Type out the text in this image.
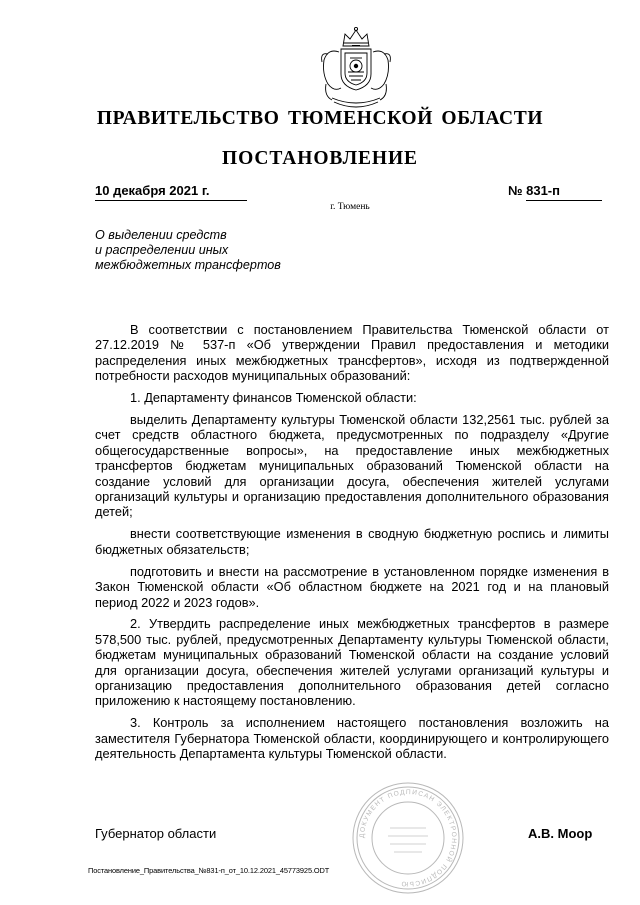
ПРАВИТЕЛЬСТВО ТЮМЕНСКОЙ ОБЛАСТИ
ПОСТАНОВЛЕНИЕ
10 декабря 2021 г.
г. Тюмень
№ 831-п
О выделении средств
и распределении иных
межбюджетных трансфертов

В соответствии с постановлением Правительства Тюменской области от 27.12.2019 № 537-п «Об утверждении Правил предоставления и методики распределения иных межбюджетных трансфертов», исходя из подтвержденной потребности расходов муниципальных образований:

1. Департаменту финансов Тюменской области:

выделить Департаменту культуры Тюменской области 132,2561 тыс. рублей за счет средств областного бюджета, предусмотренных по подразделу «Другие общегосударственные вопросы», на предоставление иных межбюджетных трансфертов бюджетам муниципальных образований Тюменской области на создание условий для организации досуга, обеспечения жителей услугами организаций культуры и организацию предоставления дополнительного образования детей;

внести соответствующие изменения в сводную бюджетную роспись и лимиты бюджетных обязательств;

подготовить и внести на рассмотрение в установленном порядке изменения в Закон Тюменской области «Об областном бюджете на 2021 год и на плановый период 2022 и 2023 годов».

2. Утвердить распределение иных межбюджетных трансфертов в размере 578,500 тыс. рублей, предусмотренных Департаменту культуры Тюменской области, бюджетам муниципальных образований Тюменской области на создание условий для организации досуга, обеспечения жителей услугами организаций культуры и организацию предоставления дополнительного образования детей согласно приложению к настоящему постановлению.

3. Контроль за исполнением настоящего постановления возложить на заместителя Губернатора Тюменской области, координирующего и контролирующего деятельность Департамента культуры Тюменской области.

Губернатор области	А.В. Моор
ДОКУМЕНТ ПОДПИСАН ЭЛЕКТРОННОЙ ПОДПИСЬЮ
Постановление_Правительства_№831-п_от_10.12.2021_45773925.ODT
